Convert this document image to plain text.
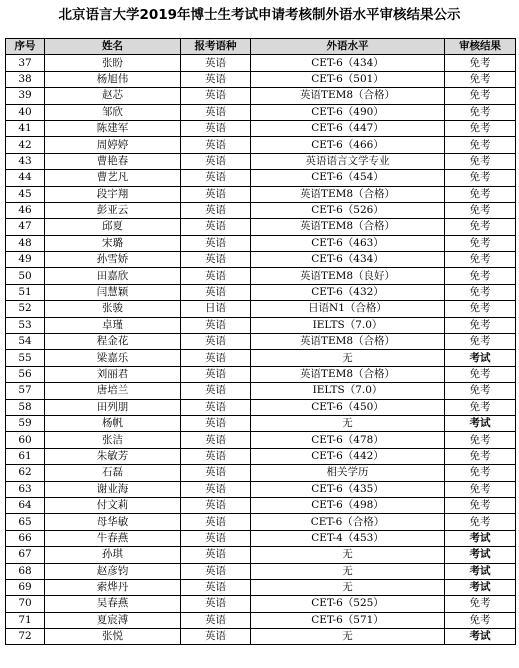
北京语言大学2019年博士生考试申请考核制外语水平审核结果公示
序号	姓名	报考语种	外语水平	审核结果
37	张盼	英语	CET-6（434）	免考
38	杨旭伟	英语	CET-6（501）	免考
39	赵芯	英语	英语TEM8（合格）	免考
40	邹欣	英语	CET-6（490）	免考
41	陈建军	英语	CET-6（447）	免考
42	周婷婷	英语	CET-6（466）	免考
43	曹艳春	英语	英语语言文学专业	免考
44	曹艺凡	英语	CET-6（454）	免考
45	段宇翔	英语	英语TEM8（合格）	免考
46	彭亚云	英语	CET-6（526）	免考
47	邱夏	英语	英语TEM8（合格）	免考
48	宋璐	英语	CET-6（463）	免考
49	孙雪娇	英语	CET-6（434）	免考
50	田嘉欣	英语	英语TEM8（良好）	免考
51	闫慧颖	英语	CET-6（432）	免考
52	张骏	日语	日语N1（合格）	免考
53	卓瑾	英语	IELTS（7.0）	免考
54	程金花	英语	英语TEM8（合格）	免考
55	梁嘉乐	英语	无	考试
56	刘丽君	英语	英语TEM8（合格）	免考
57	唐培兰	英语	IELTS（7.0）	免考
58	田列朋	英语	CET-6（450）	免考
59	杨帆	英语	无	考试
60	张洁	英语	CET-6（478）	免考
61	朱敏芳	英语	CET-6（442）	免考
62	石磊	英语	相关学历	免考
63	谢业海	英语	CET-6（435）	免考
64	付文莉	英语	CET-6（498）	免考
65	母华敏	英语	CET-6（合格）	免考
66	牛春燕	英语	CET-4（453）	考试
67	孙琪	英语	无	考试
68	赵彦钧	英语	无	考试
69	索烨丹	英语	无	考试
70	吴春燕	英语	CET-6（525）	免考
71	夏宸溥	英语	CET-6（571）	免考
72	张悦	英语	无	考试
